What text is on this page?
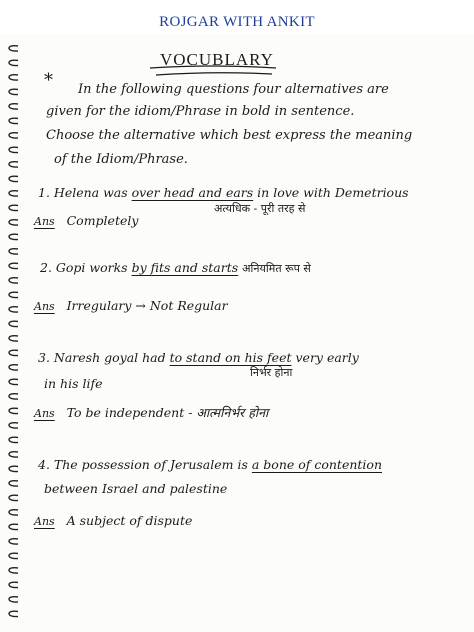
ROJGAR WITH ANKIT
VOCUBLARY
* In the following questions four alternatives are
given for the idiom/Phrase in bold in sentence.
Choose the alternative which best express the meaning
of the Idiom/Phrase.
1. Helena was over head and ears in love with Demetrious
अत्यधिक - पूरी तरह से
Ans Completely
2. Gopi works by fits and starts अनियमित रूप से
Ans Irregulary → Not Regular
3. Naresh goyal had to stand on his feet very early
निर्भर होना
in his life
Ans To be independent - आत्मनिर्भर होना
4. The possession of Jerusalem is a bone of contention
between Israel and palestine
Ans A subject of dispute
